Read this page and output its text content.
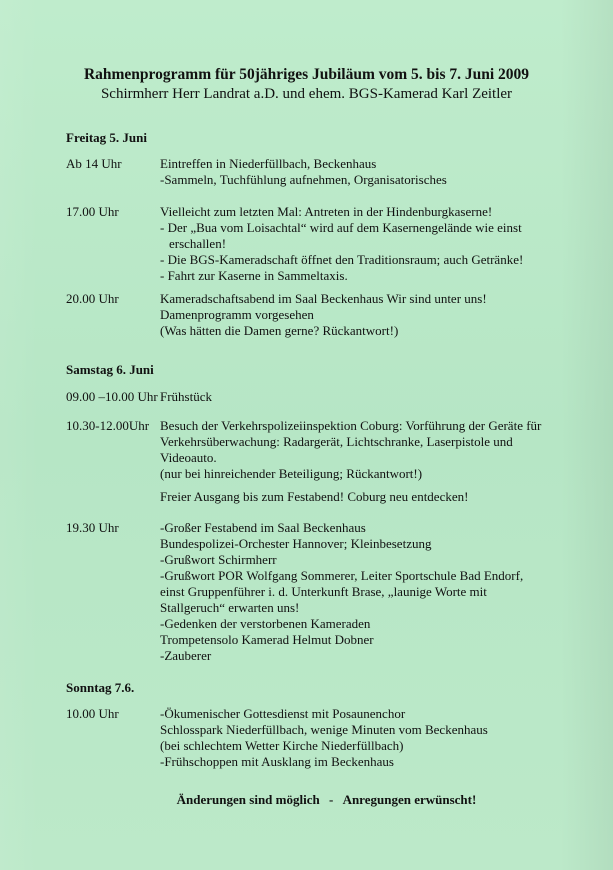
Rahmenprogramm für 50jähriges Jubiläum vom 5. bis 7. Juni 2009
Schirmherr Herr Landrat a.D. und ehem. BGS-Kamerad Karl Zeitler
Freitag 5. Juni
Ab 14 Uhr	Eintreffen in Niederfüllbach, Beckenhaus
-Sammeln, Tuchfühlung aufnehmen, Organisatorisches
17.00 Uhr	Vielleicht zum letzten Mal: Antreten in der Hindenburgkaserne!
- Der „Bua vom Loisachtal“ wird auf dem Kasernengelände wie einst
erschallen!
- Die BGS-Kameradschaft öffnet den Traditionsraum; auch Getränke!
- Fahrt zur Kaserne in Sammeltaxis.
20.00 Uhr	Kameradschaftsabend im Saal Beckenhaus Wir sind unter uns!
Damenprogramm vorgesehen
(Was hätten die Damen gerne? Rückantwort!)
Samstag 6. Juni
09.00 –10.00 Uhr Frühstück
10.30-12.00Uhr Besuch der Verkehrspolizeiinspektion Coburg: Vorführung der Geräte für
Verkehrsüberwachung: Radargerät, Lichtschranke, Laserpistole und
Videoauto.
(nur bei hinreichender Beteiligung; Rückantwort!)
Freier Ausgang bis zum Festabend! Coburg neu entdecken!
19.30 Uhr	-Großer Festabend im Saal Beckenhaus
Bundespolizei-Orchester Hannover; Kleinbesetzung
-Grußwort Schirmherr
-Grußwort POR Wolfgang Sommerer, Leiter Sportschule Bad Endorf,
einst Gruppenführer i. d. Unterkunft Brase, „launige Worte mit
Stallgeruch“ erwarten uns!
-Gedenken der verstorbenen Kameraden
Trompetensolo Kamerad Helmut Dobner
-Zauberer
Sonntag 7.6.
10.00 Uhr	-Ökumenischer Gottesdienst mit Posaunenchor
Schlosspark Niederfüllbach, wenige Minuten vom Beckenhaus
(bei schlechtem Wetter Kirche Niederfüllbach)
-Frühschoppen mit Ausklang im Beckenhaus
Änderungen sind möglich - Anregungen erwünscht!
